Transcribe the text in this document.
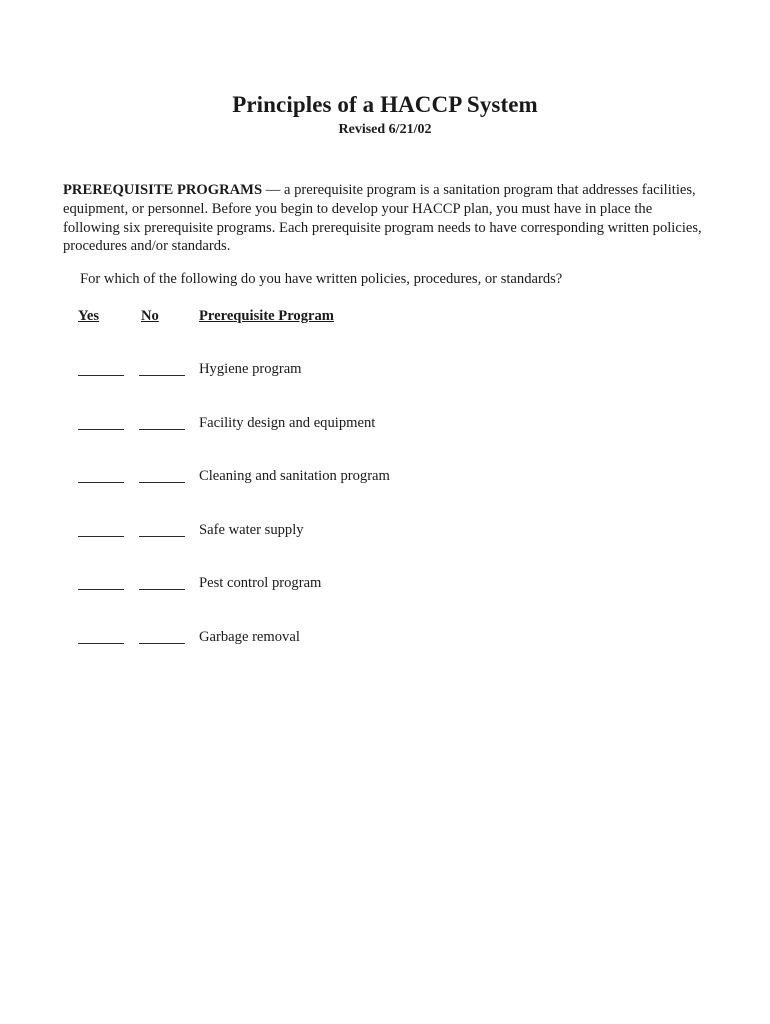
Principles of a HACCP System
Revised 6/21/02
PREREQUISITE PROGRAMS — a prerequisite program is a sanitation program that addresses facilities, equipment, or personnel. Before you begin to develop your HACCP plan, you must have in place the following six prerequisite programs. Each prerequisite program needs to have corresponding written policies, procedures and/or standards.
For which of the following do you have written policies, procedures, or standards?
Yes	No	Prerequisite Program
Hygiene program
Facility design and equipment
Cleaning and sanitation program
Safe water supply
Pest control program
Garbage removal
